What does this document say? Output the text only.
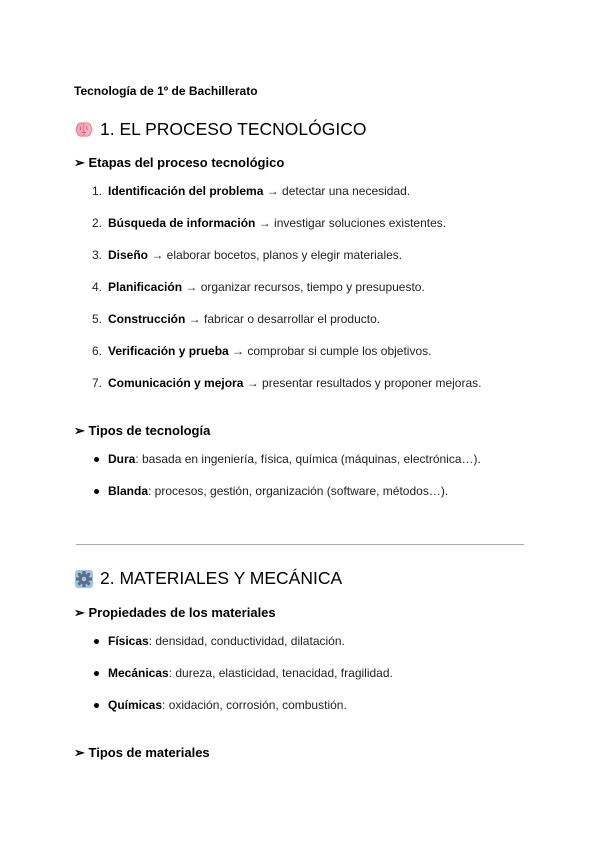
Tecnología de 1º de Bachillerato

1. EL PROCESO TECNOLÓGICO

➢ Etapas del proceso tecnológico

1. Identificación del problema → detectar una necesidad.
2. Búsqueda de información → investigar soluciones existentes.
3. Diseño → elaborar bocetos, planos y elegir materiales.
4. Planificación → organizar recursos, tiempo y presupuesto.
5. Construcción → fabricar o desarrollar el producto.
6. Verificación y prueba → comprobar si cumple los objetivos.
7. Comunicación y mejora → presentar resultados y proponer mejoras.

➢ Tipos de tecnología

Dura: basada en ingeniería, física, química (máquinas, electrónica…).
Blanda: procesos, gestión, organización (software, métodos…).
2. MATERIALES Y MECÁNICA

➢ Propiedades de los materiales

Físicas: densidad, conductividad, dilatación.
Mecánicas: dureza, elasticidad, tenacidad, fragilidad.
Químicas: oxidación, corrosión, combustión.

➢ Tipos de materiales
